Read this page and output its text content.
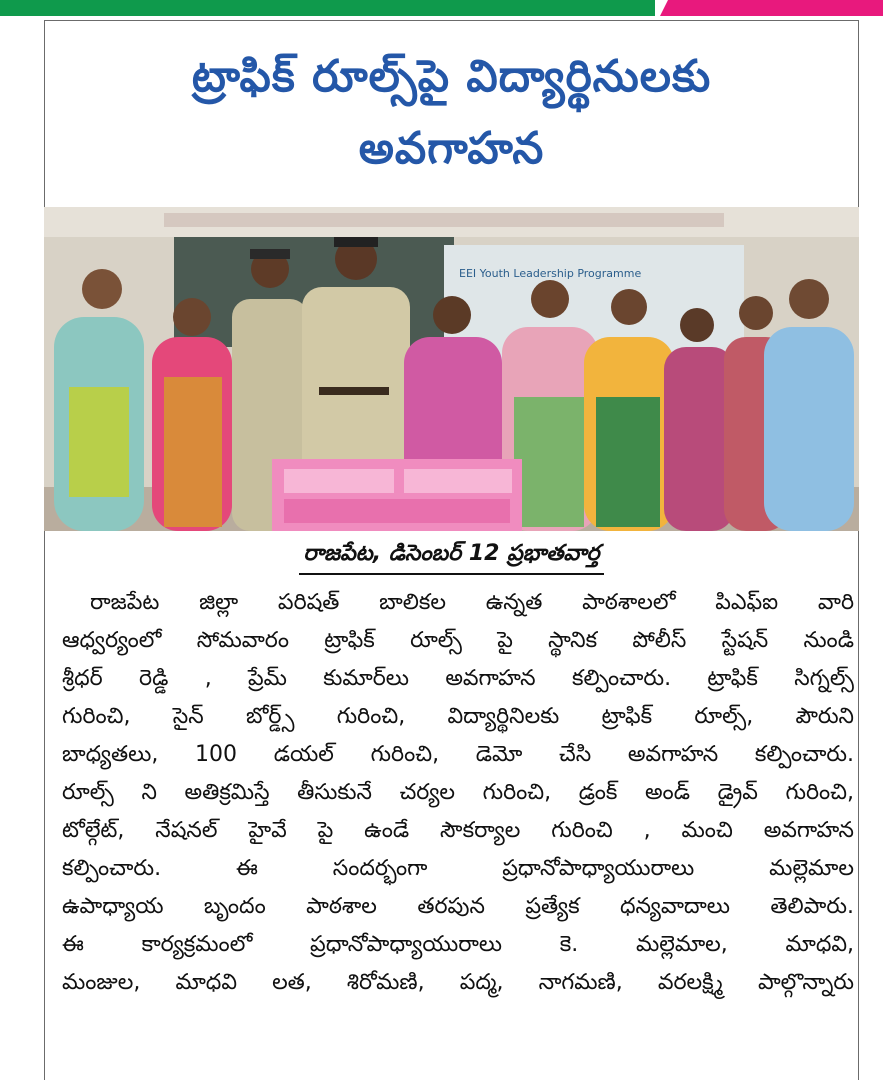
ట్రాఫిక్ రూల్స్‌పై విద్యార్థినులకు
అవగాహన
EEI Youth Leadership Programme
రాజపేట, డిసెంబర్ 12 ప్రభాతవార్త
రాజపేట జిల్లా పరిషత్ బాలికల ఉన్నత పాఠశాలలో పిఎఫ్ఐ వారి
ఆధ్వర్యంలో సోమవారం ట్రాఫిక్ రూల్స్ పై స్థానిక పోలీస్ స్టేషన్ నుండి
శ్రీధర్ రెడ్డి , ప్రేమ్ కుమార్‌లు అవగాహన కల్పించారు. ట్రాఫిక్ సిగ్నల్స్
గురించి, సైన్ బోర్డ్స్ గురించి, విద్యార్థినిలకు ట్రాఫిక్ రూల్స్, పౌరుని
బాధ్యతలు, 100 డయల్ గురించి, డెమో చేసి అవగాహన కల్పించారు.
రూల్స్ ని అతిక్రమిస్తే తీసుకునే చర్యల గురించి, డ్రంక్ అండ్ డ్రైవ్ గురించి,
టోల్గేట్, నేషనల్ హైవే పై ఉండే సౌకర్యాల గురించి , మంచి అవగాహన
కల్పించారు. ఈ సందర్భంగా ప్రధానోపాధ్యాయురాలు మల్లెమాల
ఉపాధ్యాయ బృందం పాఠశాల తరపున ప్రత్యేక ధన్యవాదాలు తెలిపారు.
ఈ కార్యక్రమంలో ప్రధానోపాధ్యాయురాలు కె. మల్లెమాల, మాధవి,
మంజుల, మాధవి లత, శిరోమణి, పద్మ, నాగమణి, వరలక్ష్మి పాల్గొన్నారు
